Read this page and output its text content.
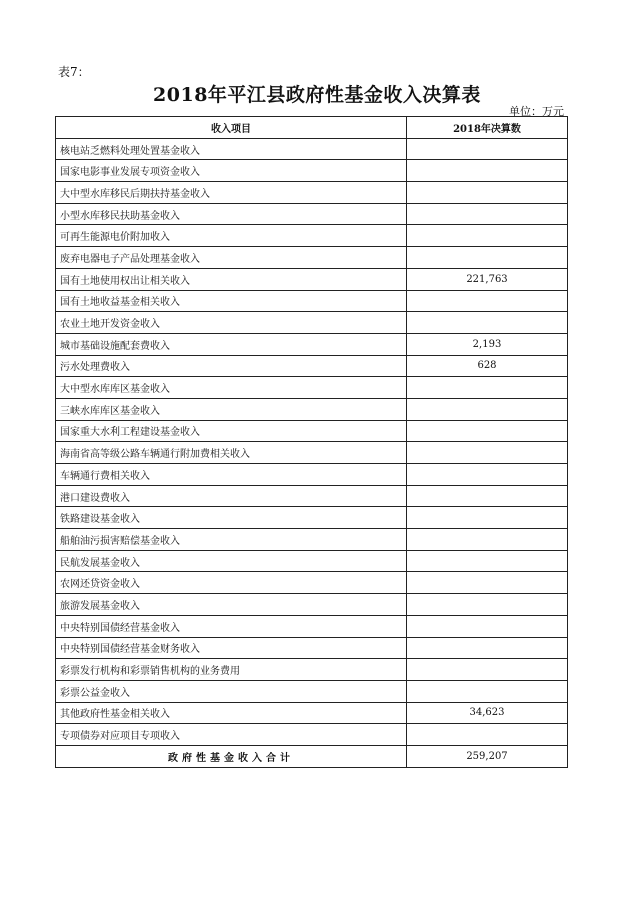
表7：
2018年平江县政府性基金收入决算表
单位：万元
收入项目	2018年决算数
核电站乏燃料处理处置基金收入	
国家电影事业发展专项资金收入	
大中型水库移民后期扶持基金收入	
小型水库移民扶助基金收入	
可再生能源电价附加收入	
废弃电器电子产品处理基金收入	
国有土地使用权出让相关收入	221,763
国有土地收益基金相关收入	
农业土地开发资金收入	
城市基础设施配套费收入	2,193
污水处理费收入	628
大中型水库库区基金收入	
三峡水库库区基金收入	
国家重大水利工程建设基金收入	
海南省高等级公路车辆通行附加费相关收入	
车辆通行费相关收入	
港口建设费收入	
铁路建设基金收入	
船舶油污损害赔偿基金收入	
民航发展基金收入	
农网还贷资金收入	
旅游发展基金收入	
中央特别国债经营基金收入	
中央特别国债经营基金财务收入	
彩票发行机构和彩票销售机构的业务费用	
彩票公益金收入	
其他政府性基金相关收入	34,623
专项债券对应项目专项收入	
政府性基金收入合计	259,207
